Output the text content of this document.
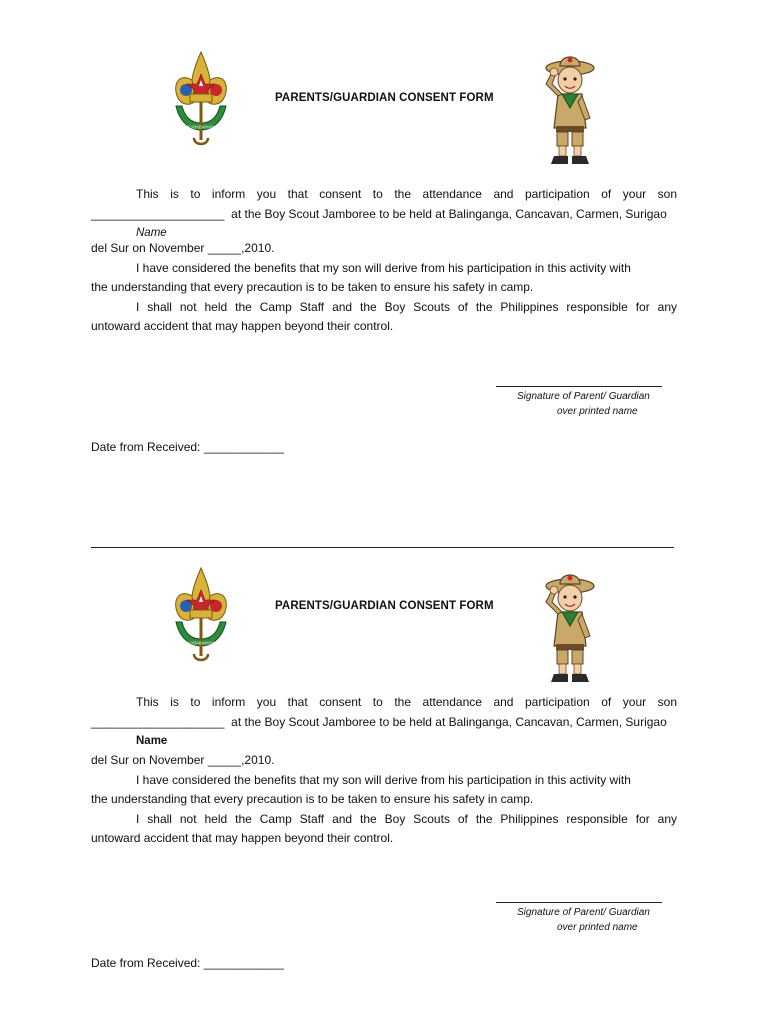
KABABAIHAN
PARENTS/GUARDIAN CONSENT FORM
This is to inform you that consent to the attendance and participation of your son
____________________ at the Boy Scout Jamboree to be held at Balinganga, Cancavan, Carmen, Surigao
Name
del Sur on November _____,2010.
I have considered the benefits that my son will derive from his participation in this activity with
the understanding that every precaution is to be taken to ensure his safety in camp.
I shall not held the Camp Staff and the Boy Scouts of the Philippines responsible for any
untoward accident that may happen beyond their control.
Signature of Parent/ Guardian
over printed name
Date from Received: ____________
KABABAIHAN
PARENTS/GUARDIAN CONSENT FORM
This is to inform you that consent to the attendance and participation of your son
____________________ at the Boy Scout Jamboree to be held at Balinganga, Cancavan, Carmen, Surigao
Name
del Sur on November _____,2010.
I have considered the benefits that my son will derive from his participation in this activity with
the understanding that every precaution is to be taken to ensure his safety in camp.
I shall not held the Camp Staff and the Boy Scouts of the Philippines responsible for any
untoward accident that may happen beyond their control.
Signature of Parent/ Guardian
over printed name
Date from Received: ____________
